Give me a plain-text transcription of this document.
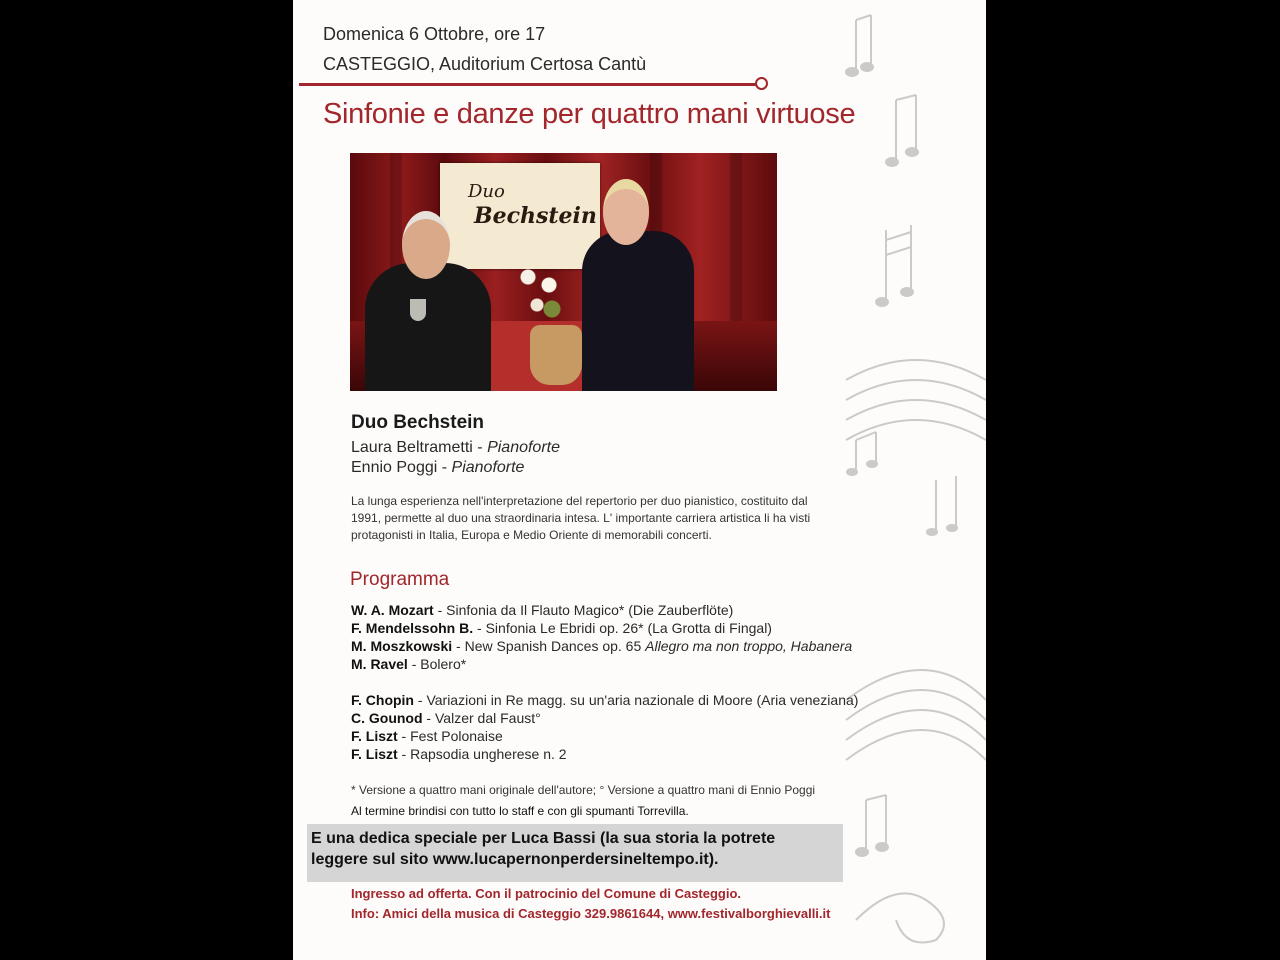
Domenica 6 Ottobre, ore 17
CASTEGGIO, Auditorium Certosa Cantù
Sinfonie e danze per quattro mani virtuose
Duo
Bechstein
Duo Bechstein
Laura Beltrametti - Pianoforte
Ennio Poggi - Pianoforte
La lunga esperienza nell'interpretazione del repertorio per duo pianistico, costituito dal
1991, permette al duo una straordinaria intesa. L' importante carriera artistica li ha visti
protagonisti in Italia, Europa e Medio Oriente di memorabili concerti.
Programma
W. A. Mozart - Sinfonia da Il Flauto Magico* (Die Zauberflöte)
F. Mendelssohn B. - Sinfonia Le Ebridi op. 26* (La Grotta di Fingal)
M. Moszkowski - New Spanish Dances op. 65 Allegro ma non troppo, Habanera
M. Ravel - Bolero*
F. Chopin - Variazioni in Re magg. su un'aria nazionale di Moore (Aria veneziana)
C. Gounod - Valzer dal Faust°
F. Liszt - Fest Polonaise
F. Liszt - Rapsodia ungherese n. 2
* Versione a quattro mani originale dell'autore; ° Versione a quattro mani di Ennio Poggi
Al termine brindisi con tutto lo staff e con gli spumanti Torrevilla.
E una dedica speciale per Luca Bassi (la sua storia la potrete
leggere sul sito www.lucapernonperdersineltempo.it).
Ingresso ad offerta. Con il patrocinio del Comune di Casteggio.
Info: Amici della musica di Casteggio 329.9861644, www.festivalborghievalli.it
